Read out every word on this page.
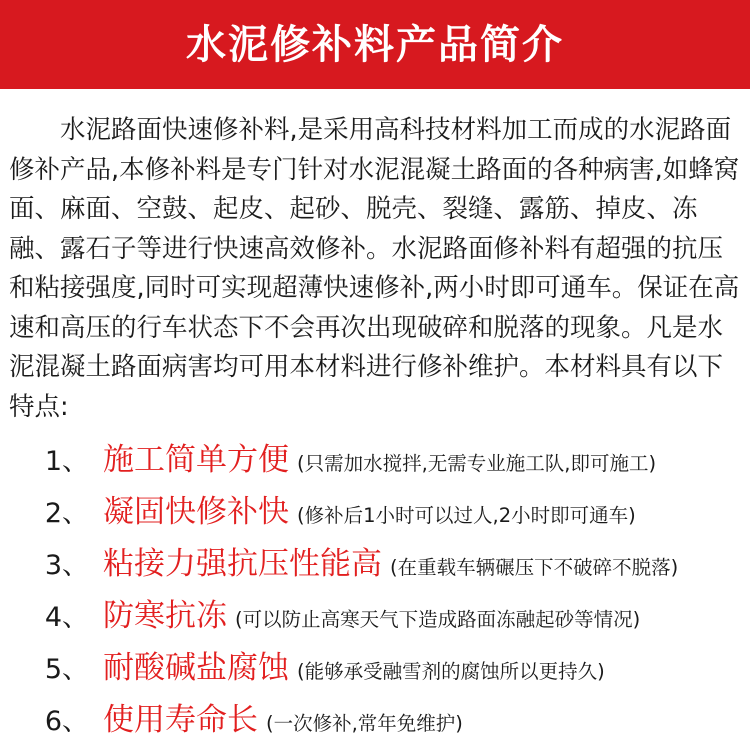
水泥修补料产品简介
水泥路面快速修补料,是采用高科技材料加工而成的水泥路面修补产品,本修补料是专门针对水泥混凝土路面的各种病害,如蜂窝面、麻面、空鼓、起皮、起砂、脱壳、裂缝、露筋、掉皮、冻融、露石子等进行快速高效修补。水泥路面修补料有超强的抗压和粘接强度,同时可实现超薄快速修补,两小时即可通车。保证在高速和高压的行车状态下不会再次出现破碎和脱落的现象。凡是水泥混凝土路面病害均可用本材料进行修补维护。本材料具有以下特点:
1 、 施工简单方便 (只需加水搅拌,无需专业施工队,即可施工)
2 、 凝固快修补快 (修补后1小时可以过人,2小时即可通车)
3 、 粘接力强抗压性能高 (在重载车辆碾压下不破碎不脱落)
4 、 防寒抗冻 (可以防止高寒天气下造成路面冻融起砂等情况)
5 、 耐酸碱盐腐蚀 (能够承受融雪剂的腐蚀所以更持久)
6 、 使用寿命长 (一次修补,常年免维护)
